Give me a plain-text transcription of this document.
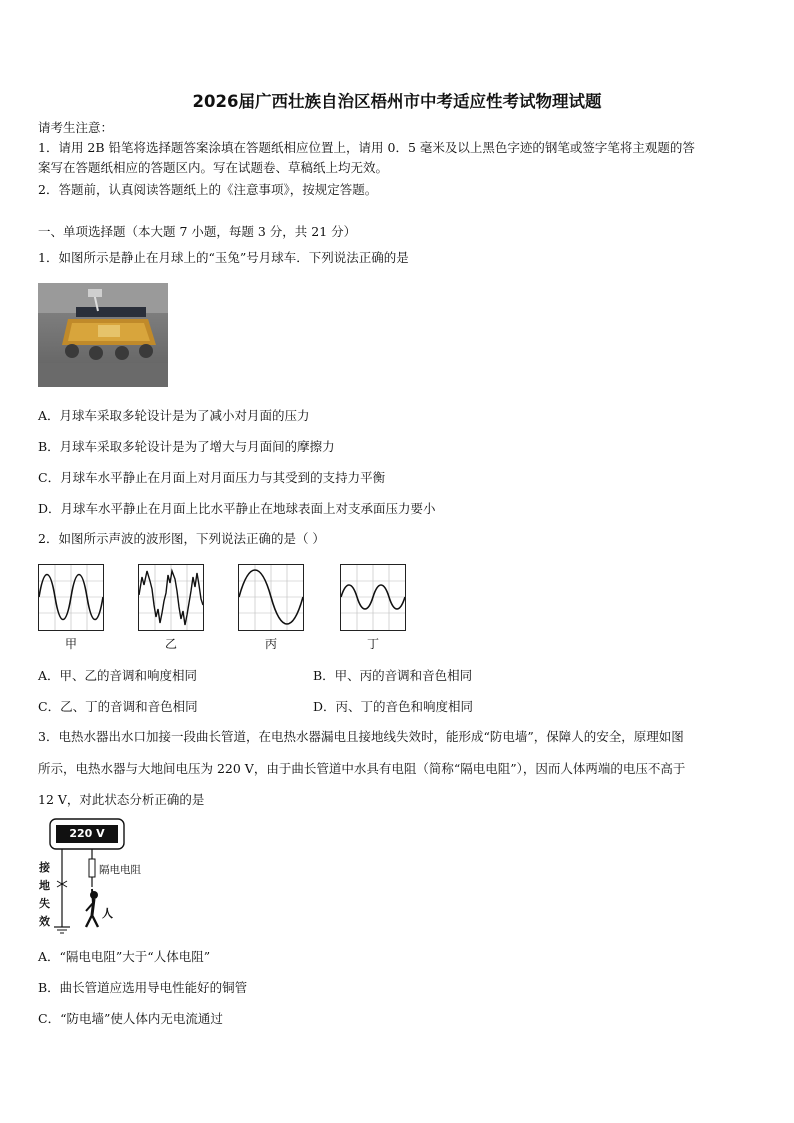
2026届广西壮族自治区梧州市中考适应性考试物理试题
请考生注意：
1．请用 2B 铅笔将选择题答案涂填在答题纸相应位置上，请用 0．5 毫米及以上黑色字迹的钢笔或签字笔将主观题的答
案写在答题纸相应的答题区内。写在试题卷、草稿纸上均无效。
2．答题前，认真阅读答题纸上的《注意事项》，按规定答题。
一、单项选择题（本大题 7 小题，每题 3 分，共 21 分）
1．如图所示是静止在月球上的“玉兔”号月球车．下列说法正确的是
A．月球车采取多轮设计是为了减小对月面的压力
B．月球车采取多轮设计是为了增大与月面间的摩擦力
C．月球车水平静止在月面上对月面压力与其受到的支持力平衡
D．月球车水平静止在月面上比水平静止在地球表面上对支承面压力要小
2．如图所示声波的波形图，下列说法正确的是（ ）
甲	乙	丙	丁
A．甲、乙的音调和响度相同	B．甲、丙的音调和音色相同
C．乙、丁的音调和音色相同	D．丙、丁的音色和响度相同
3．电热水器出水口加接一段曲长管道，在电热水器漏电且接地线失效时，能形成“防电墙”，保障人的安全，原理如图
所示，电热水器与大地间电压为 220 V，由于曲长管道中水具有电阻（简称“隔电电阻”），因而人体两端的电压不高于
12 V，对此状态分析正确的是
220 V
隔电电阻
接
地
失
效
人
A．“隔电电阻”大于“人体电阻”
B．曲长管道应选用导电性能好的铜管
C．“防电墙”使人体内无电流通过
